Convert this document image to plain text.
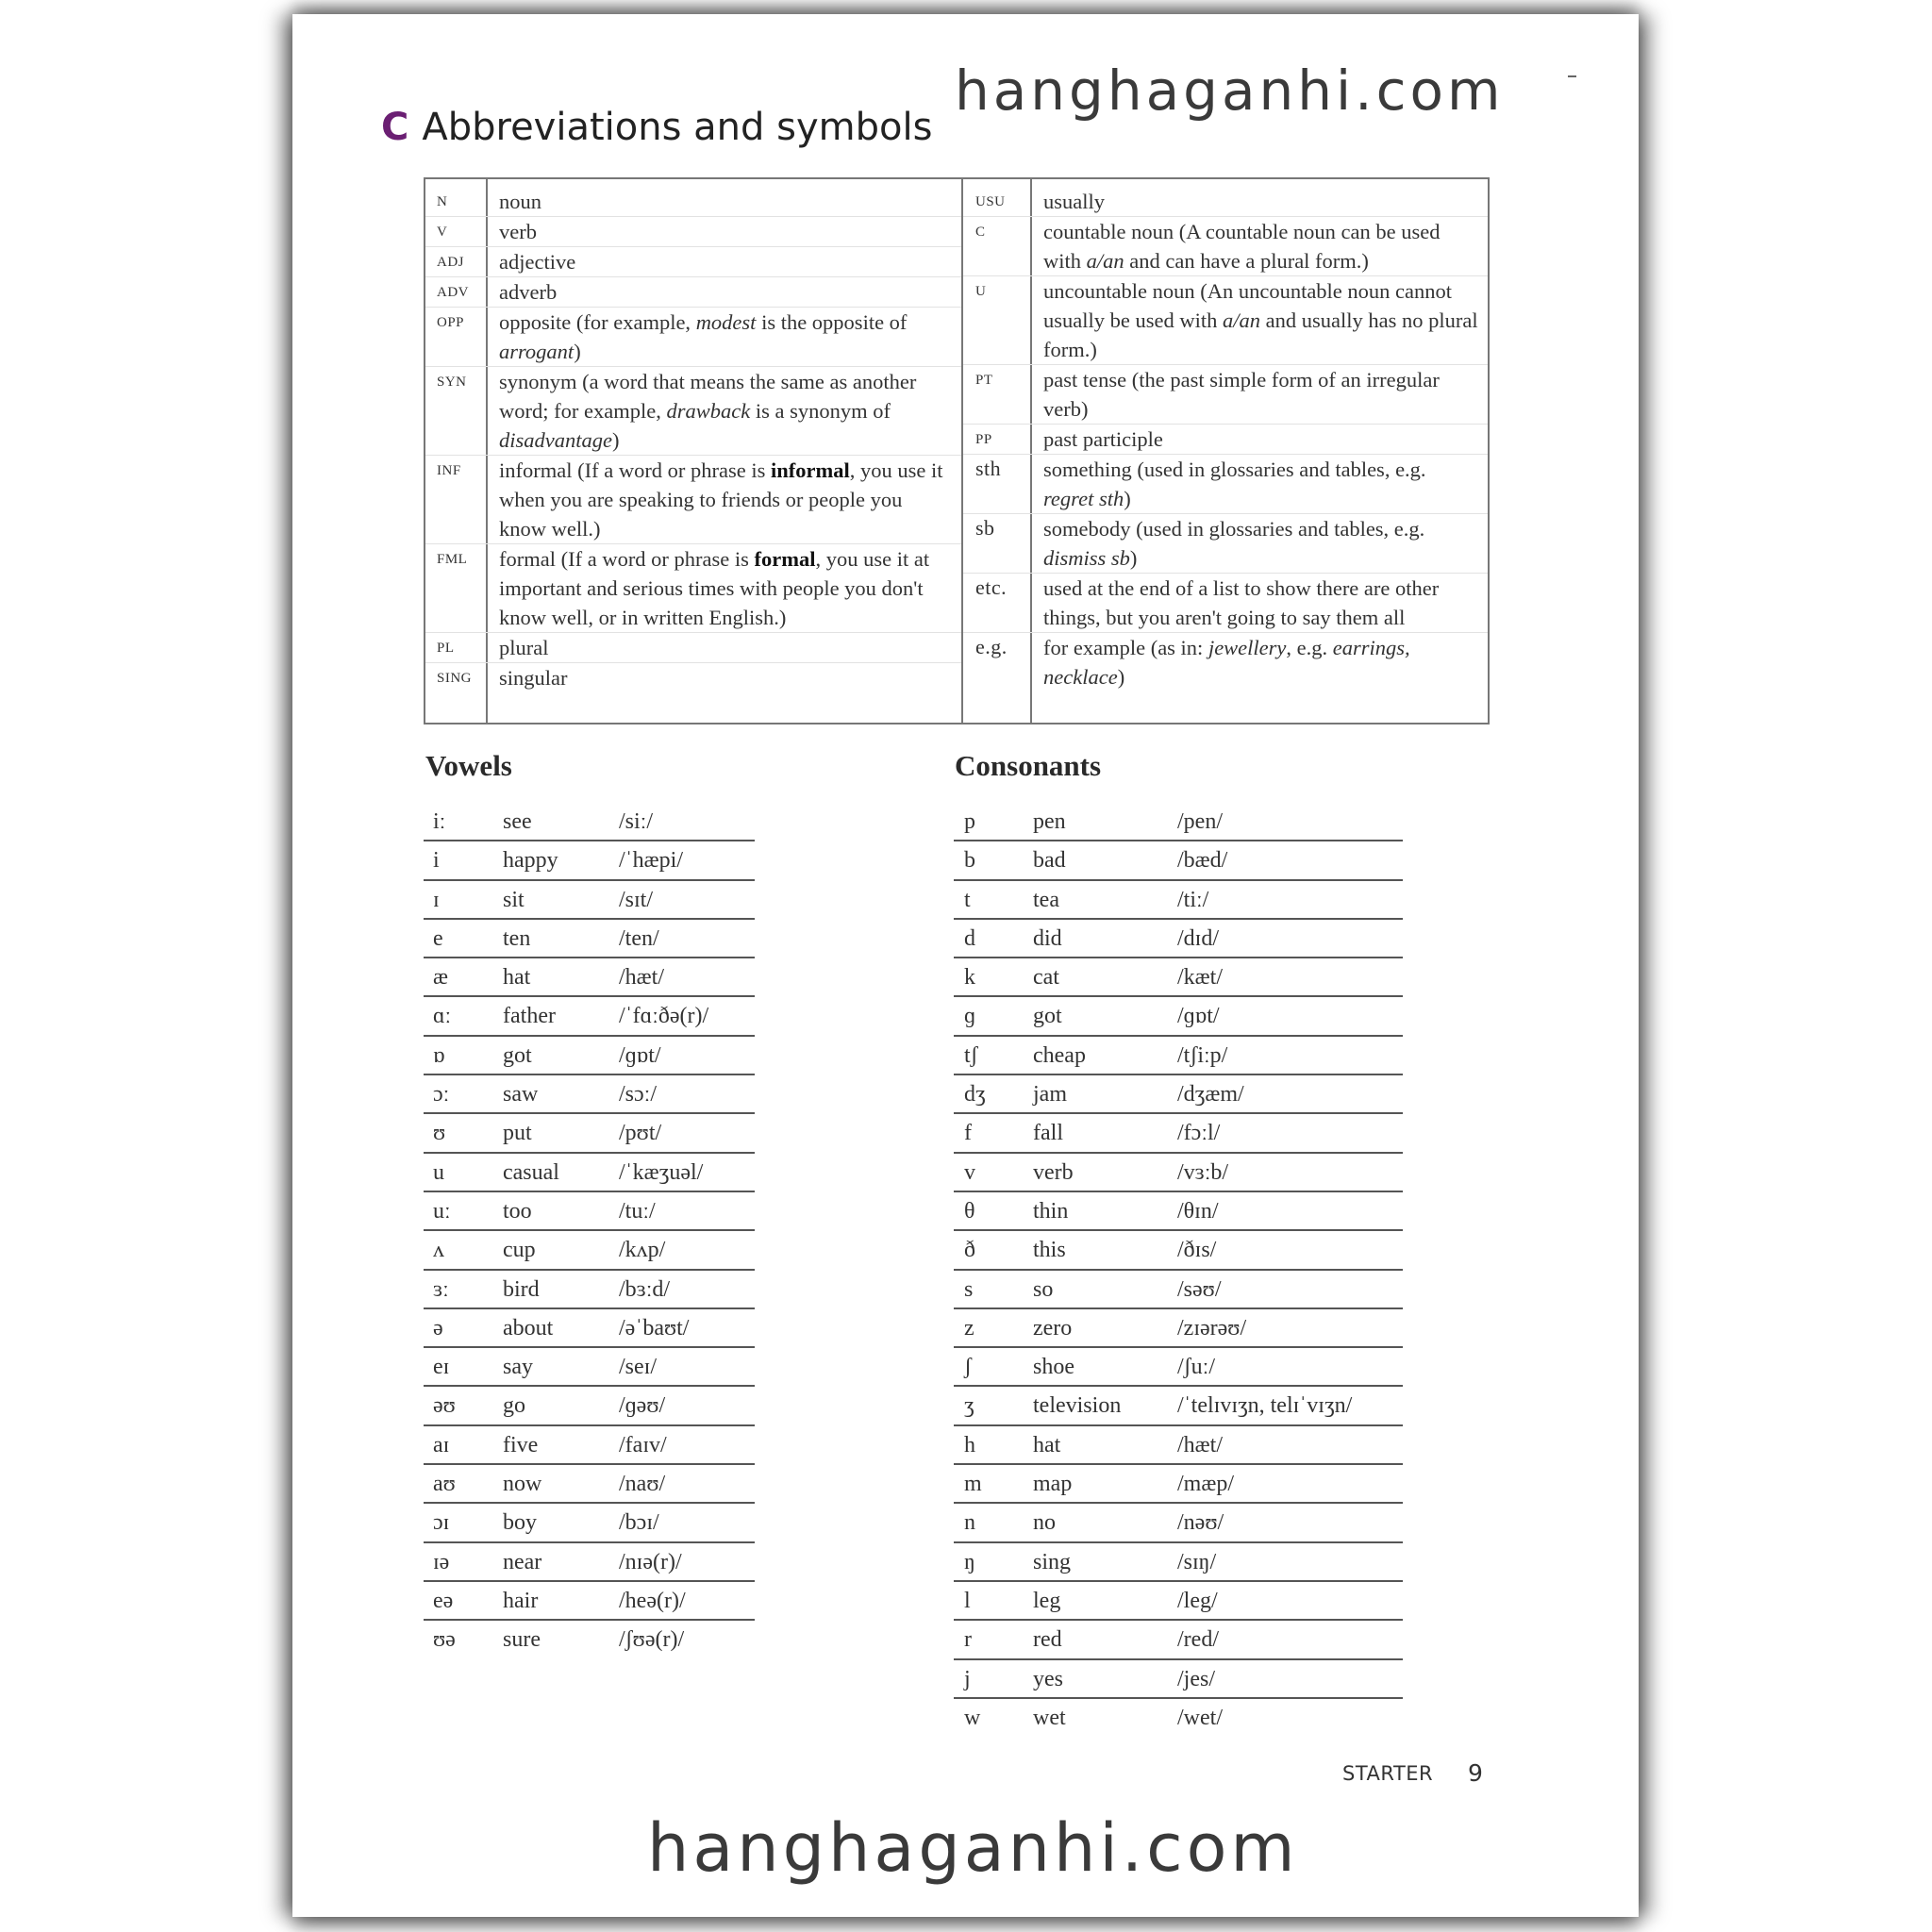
hanghaganhi.com
C Abbreviations and symbols
N	noun
V	verb
ADJ	adjective
ADV	adverb
OPP	opposite (for example, modest is the opposite of arrogant)
SYN	synonym (a word that means the same as another word; for example, drawback is a synonym of disadvantage)
INF	informal (If a word or phrase is informal, you use it when you are speaking to friends or people you know well.)
FML	formal (If a word or phrase is formal, you use it at important and serious times with people you don't know well, or in written English.)
PL	plural
SING	singular
USU	usually
C	countable noun (A countable noun can be used with a/an and can have a plural form.)
U	uncountable noun (An uncountable noun cannot usually be used with a/an and usually has no plural form.)
PT	past tense (the past simple form of an irregular verb)
PP	past participle
sth	something (used in glossaries and tables, e.g. regret sth)
sb	somebody (used in glossaries and tables, e.g. dismiss sb)
etc.	used at the end of a list to show there are other things, but you aren't going to say them all
e.g.	for example (as in: jewellery, e.g. earrings, necklace)
Vowels
iː	see	/siː/
i	happy	/ˈhæpi/
ɪ	sit	/sɪt/
e	ten	/ten/
æ hat	/hæt/
ɑː father	/ˈfɑːðə(r)/
ɒ	got	/ɡɒt/
ɔː saw	/sɔː/
ʊ	put	/pʊt/
u	casual	/ˈkæʒuəl/
uː too	/tuː/
ʌ	cup	/kʌp/
ɜː bird	/bɜːd/
ə	about	/əˈbaʊt/
eɪ say	/seɪ/
əʊ go	/ɡəʊ/
aɪ five	/faɪv/
aʊ now	/naʊ/
ɔɪ boy	/bɔɪ/
ɪə near	/nɪə(r)/
eə hair	/heə(r)/
ʊə sure	/ʃʊə(r)/
Consonants
p	pen	/pen/
b	bad	/bæd/
t	tea	/tiː/
d	did	/dɪd/
k	cat	/kæt/
ɡ	got	/ɡɒt/
tʃ cheap	/tʃiːp/
dʒ jam	/dʒæm/
f	fall	/fɔːl/
v	verb	/vɜːb/
θ	thin	/θɪn/
ð	this	/ðɪs/
s	so	/səʊ/
z	zero	/zɪərəʊ/
ʃ	shoe	/ʃuː/
ʒ	television /ˈtelɪvɪʒn, telɪˈvɪʒn/
h	hat	/hæt/
m map	/mæp/
n	no	/nəʊ/
ŋ	sing	/sɪŋ/
l	leg	/leg/
r	red	/red/
j	yes	/jes/
w wet	/wet/
STARTER 9
hanghaganhi.com
